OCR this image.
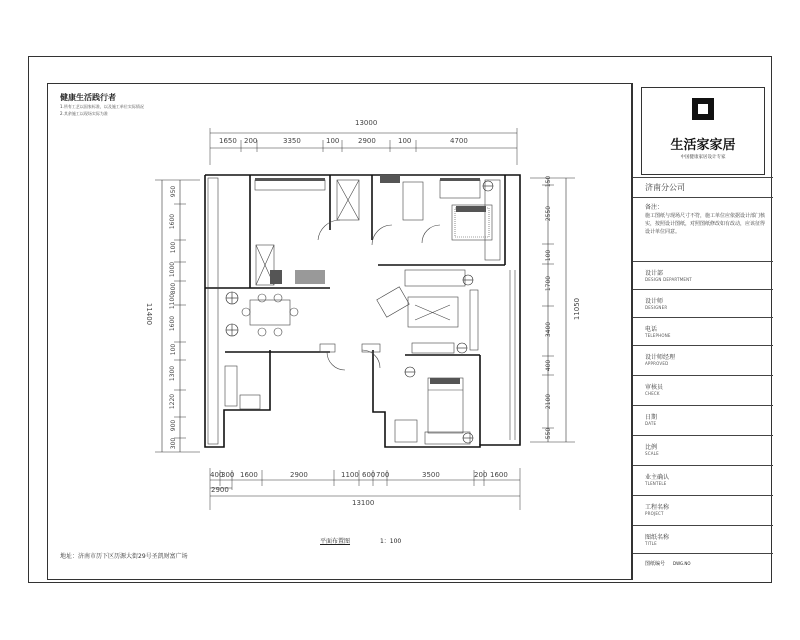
健康生活践行者
1.所有工艺以国家标准，以及施工单位实际情况
2.其余施工以现场实际为准
13000
1650 200	3350	100	2900	100	4700
400
300 1600	2900	1100 600 700	3500	200 1600
2900
13100
11400
950
1600
100
1000
800
1100
1600
100
1300
1220
900
300
11050
150
2550
100
1700
3400
400
2100
550
平面布置图	1：100
地址：济南市历下区历源大街29号圣凯财富广场
生活家家居
中国健康家居设计专家
济南分公司
备注：
施工图纸与现场尺寸不符，施工单位应依据设计部门核实，按照设计图纸，对照图纸修改如有改动，应该征得设计单位同意。
设计部
DESIGN DEPARTMENT
设计师
DESIGNER
电话
TELEPHONE
设计师经理
APPROVED
审核员
CHECK
日期
DATE
比例
SCALE
业主确认
TLENTELE
工程名称
PROJECT
图纸名称
TITLE
图纸编号 DWG.NO
